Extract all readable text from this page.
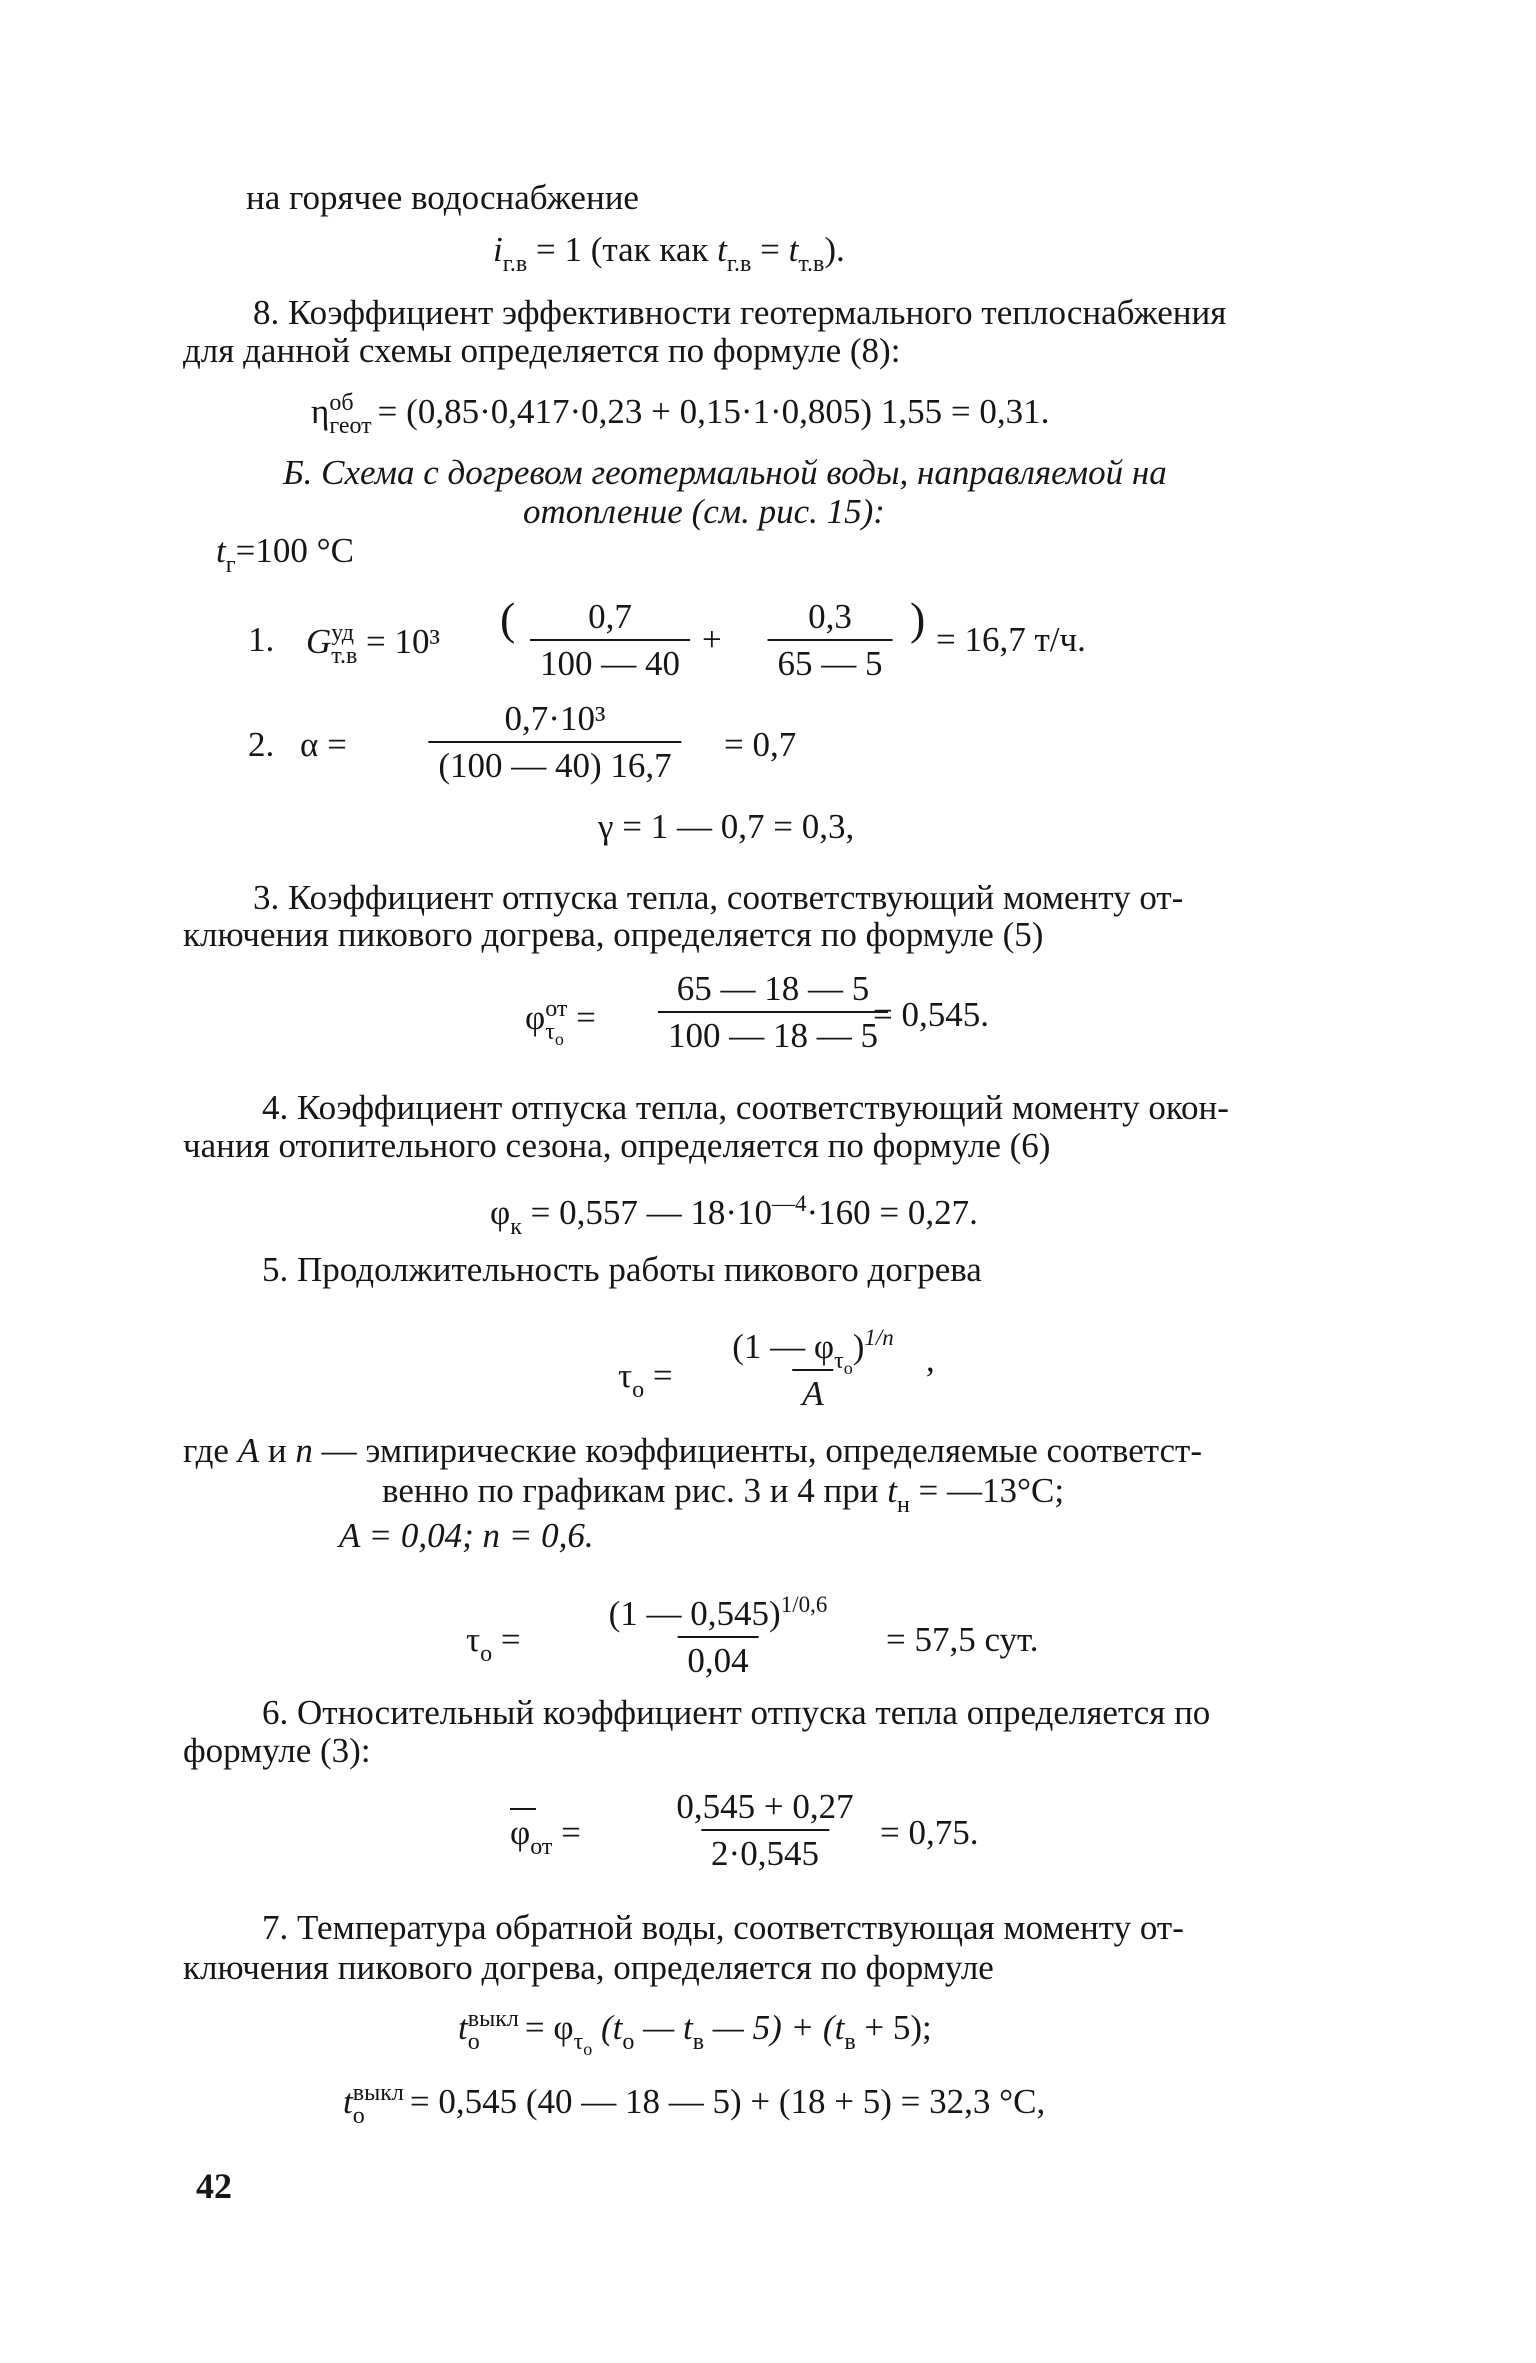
на горячее водоснабжение
$i_{г.в} = 1$ (так как $t_{г.в} = t_{т.в}$).
8. Коэффициент эффективности геотермального теплоснабжения
для данной схемы определяется по формуле (8):
η об
геот = (0,85·0,417·0,23 + 0,15·1·0,805) 1,55 = 0,31.
Б. Схема с догревом геотермальной воды, направляемой на
отопление (см. рис. 15):
$t_г=100$ °C
1. G уд
т.в = 10³ ( 0,7
100 — 40
+
0,3
65 — 5
) = 16,7 т/ч.
2. α =
0,7·10³
(100 — 40) 16,7
= 0,7
γ = 1 — 0,7 = 0,3,
3. Коэффициент отпуска тепла, соответствующий моменту от-
ключения пикового догрева, определяется по формуле (5)
φ от
$\tau_о$
=
65 — 18 — 5
100 — 18 — 5
= 0,545.
4. Коэффициент отпуска тепла, соответствующий моменту окон-
чания отопительного сезона, определяется по формуле (6)
$\varphi_к = 0,557$ — $18\cdot 10^{—4}\cdot 160 = 0,27$.
5. Продолжительность работы пикового догрева
$\tau_о$ =
(1 — $\varphi_{\tau о})^{1/n}$
A
,
где A и n — эмпирические коэффициенты, определяемые соответст-
венно по графикам рис. 3 и 4 при $t_н$ = —13°C;
A = 0,04; n = 0,6.
$\tau_о$ =
(1 — 0,545)$^{1/0,6}$
0,04
= 57,5 сут.
6. Относительный коэффициент отпуска тепла определяется по
формуле (3):
$\varphi_{от}$ =
0,545 + 0,27
2·0,545
= 0,75.
7. Температура обратной воды, соответствующая моменту от-
ключения пикового догрева, определяется по формуле
t выкл
о	= $\varphi_{\tau о}$ ($t_о$ — $t_в$ — $5) + (t_в + 5)$;
t выкл
о	= 0,545 (40 — 18 — 5) + (18 + 5) = 32,3 °C,
42
